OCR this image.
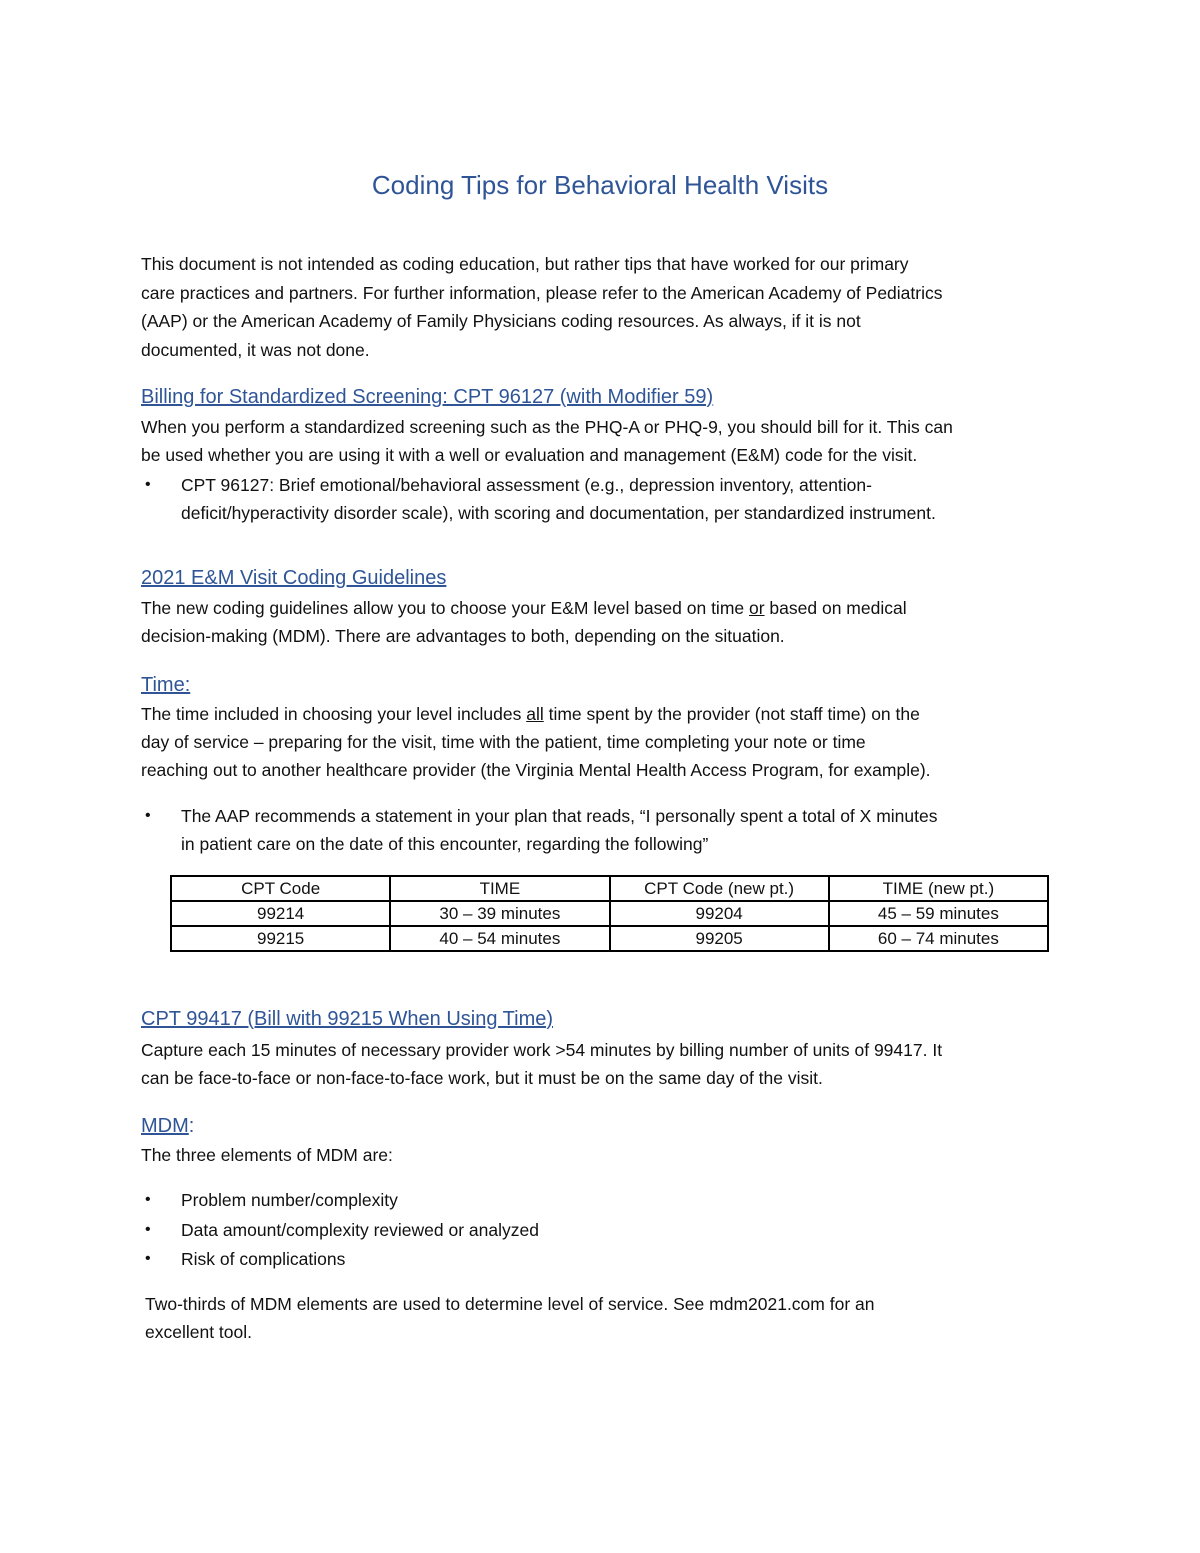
Coding Tips for Behavioral Health Visits

This document is not intended as coding education, but rather tips that have worked for our primary

care practices and partners. For further information, please refer to the American Academy of Pediatrics

(AAP) or the American Academy of Family Physicians coding resources. As always, if it is not

documented, it was not done.

Billing for Standardized Screening: CPT 96127 (with Modifier 59)

When you perform a standardized screening such as the PHQ-A or PHQ-9, you should bill for it. This can

be used whether you are using it with a well or evaluation and management (E&M) code for the visit.

• CPT 96127: Brief emotional/behavioral assessment (e.g., depression inventory, attention-

deficit/hyperactivity disorder scale), with scoring and documentation, per standardized instrument.

2021 E&M Visit Coding Guidelines

The new coding guidelines allow you to choose your E&M level based on time or based on medical

decision-making (MDM). There are advantages to both, depending on the situation.

Time:

The time included in choosing your level includes all time spent by the provider (not staff time) on the

day of service – preparing for the visit, time with the patient, time completing your note or time

reaching out to another healthcare provider (the Virginia Mental Health Access Program, for example).

• The AAP recommends a statement in your plan that reads, “I personally spent a total of X minutes

in patient care on the date of this encounter, regarding the following”

CPT Code	TIME	CPT Code (new pt.)	TIME (new pt.)
99214	30 – 39 minutes	99204	45 – 59 minutes
99215	40 – 54 minutes	99205	60 – 74 minutes

CPT 99417 (Bill with 99215 When Using Time)

Capture each 15 minutes of necessary provider work >54 minutes by billing number of units of 99417. It

can be face-to-face or non-face-to-face work, but it must be on the same day of the visit.

MDM:

The three elements of MDM are:

• Problem number/complexity

• Data amount/complexity reviewed or analyzed

• Risk of complications

Two-thirds of MDM elements are used to determine level of service. See mdm2021.com for an

excellent tool.
